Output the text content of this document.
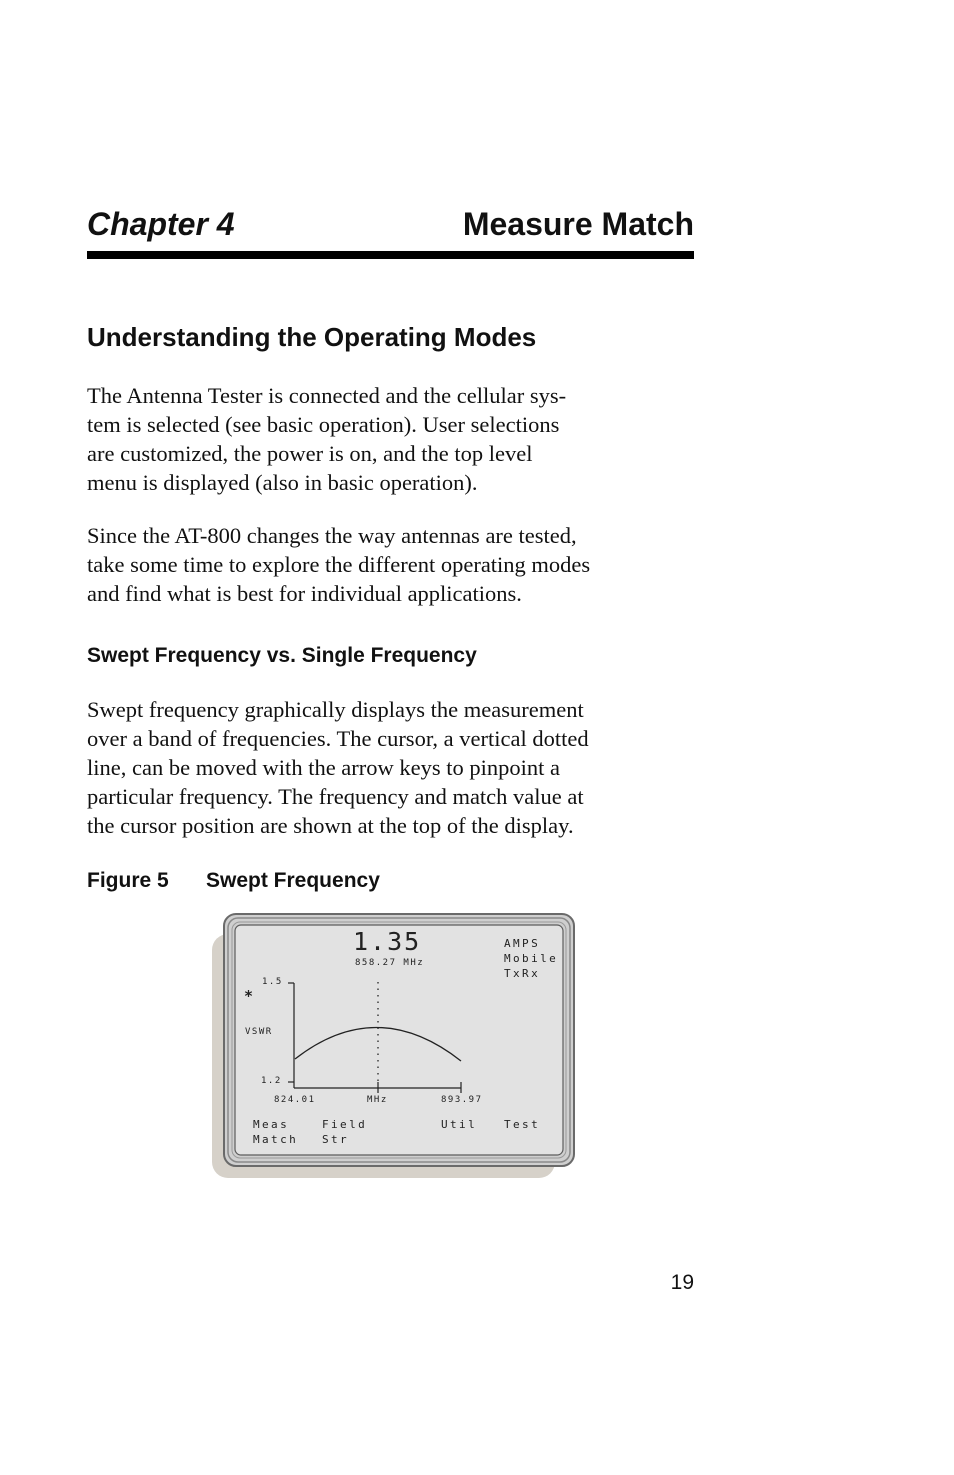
Chapter 4	Measure Match
Understanding the Operating Modes
The Antenna Tester is connected and the cellular sys-
tem is selected (see basic operation). User selections
are customized, the power is on, and the top level
menu is displayed (also in basic operation).
Since the AT-800 changes the way antennas are tested,
take some time to explore the different operating modes
and find what is best for individual applications.
Swept Frequency vs. Single Frequency
Swept frequency graphically displays the measurement
over a band of frequencies. The cursor, a vertical dotted
line, can be moved with the arrow keys to pinpoint a
particular frequency. The frequency and match value at
the cursor position are shown at the top of the display.
Figure 5 Swept Frequency
1.35
858.27 MHz
AMPS
Mobile
TxRx
1.5
*
VSWR
1.2
824.01	MHz	893.97
Meas
Match
Field
Str
Util Test
19
